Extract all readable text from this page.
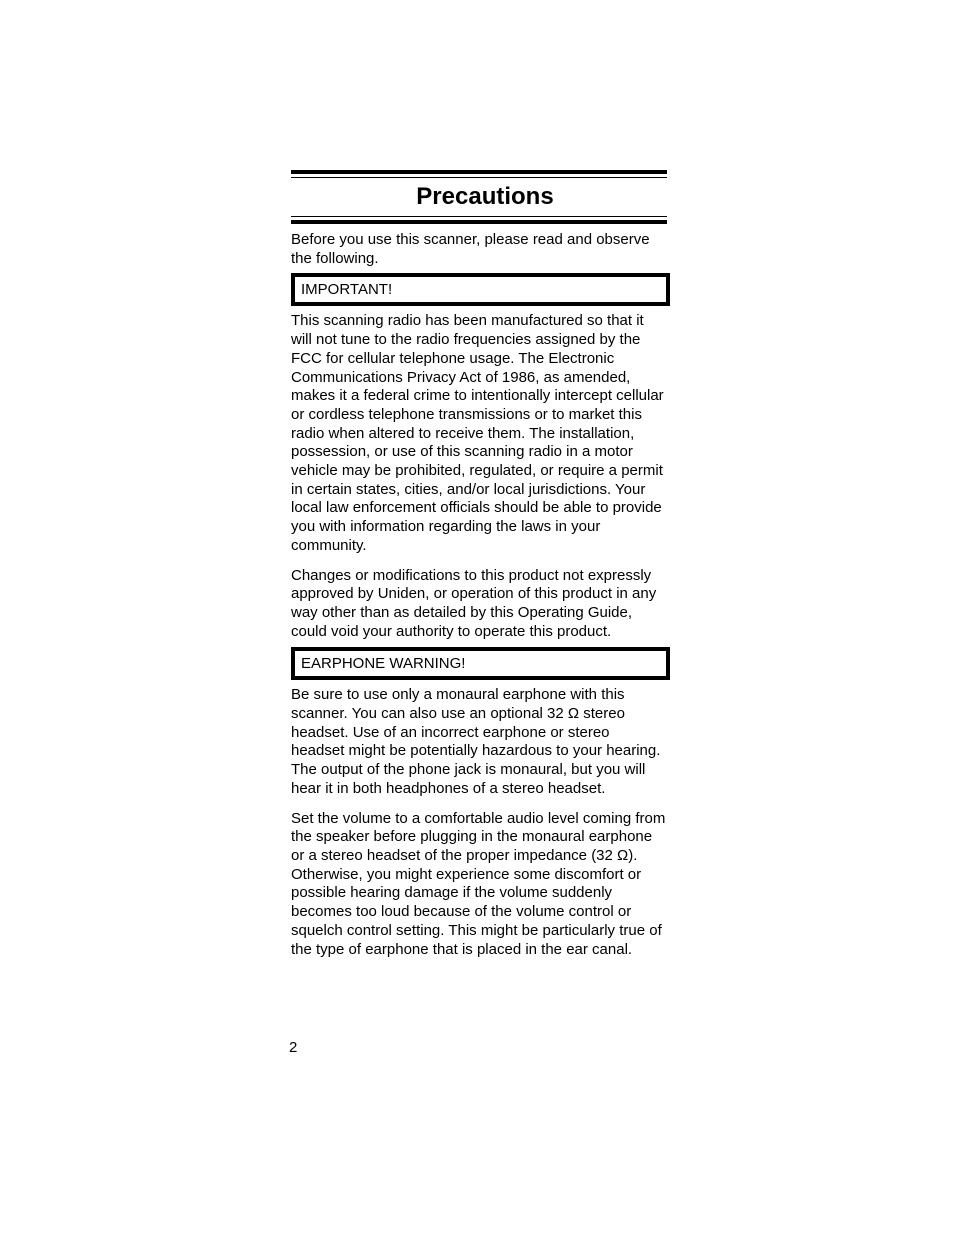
Precautions

Before you use this scanner, please read and observe the following.

IMPORTANT!

This scanning radio has been manufactured so that it will not tune to the radio frequencies assigned by the FCC for cellular telephone usage. The Electronic Communications Privacy Act of 1986, as amended, makes it a federal crime to intentionally intercept cellular or cordless telephone transmissions or to market this radio when altered to receive them. The installation, possession, or use of this scanning radio in a motor vehicle may be prohibited, regulated, or require a permit in certain states, cities, and/or local jurisdictions. Your local law enforcement officials should be able to provide you with information regarding the laws in your community.

Changes or modifications to this product not expressly approved by Uniden, or operation of this product in any way other than as detailed by this Operating Guide, could void your authority to operate this product.

EARPHONE WARNING!

Be sure to use only a monaural earphone with this scanner. You can also use an optional 32 Ω stereo headset. Use of an incorrect earphone or stereo headset might be potentially hazardous to your hearing. The output of the phone jack is monaural, but you will hear it in both headphones of a stereo headset.

Set the volume to a comfortable audio level coming from the speaker before plugging in the monaural earphone or a stereo headset of the proper impedance (32 Ω). Otherwise, you might experience some discomfort or possible hearing damage if the volume suddenly becomes too loud because of the volume control or squelch control setting. This might be particularly true of the type of earphone that is placed in the ear canal.

2
